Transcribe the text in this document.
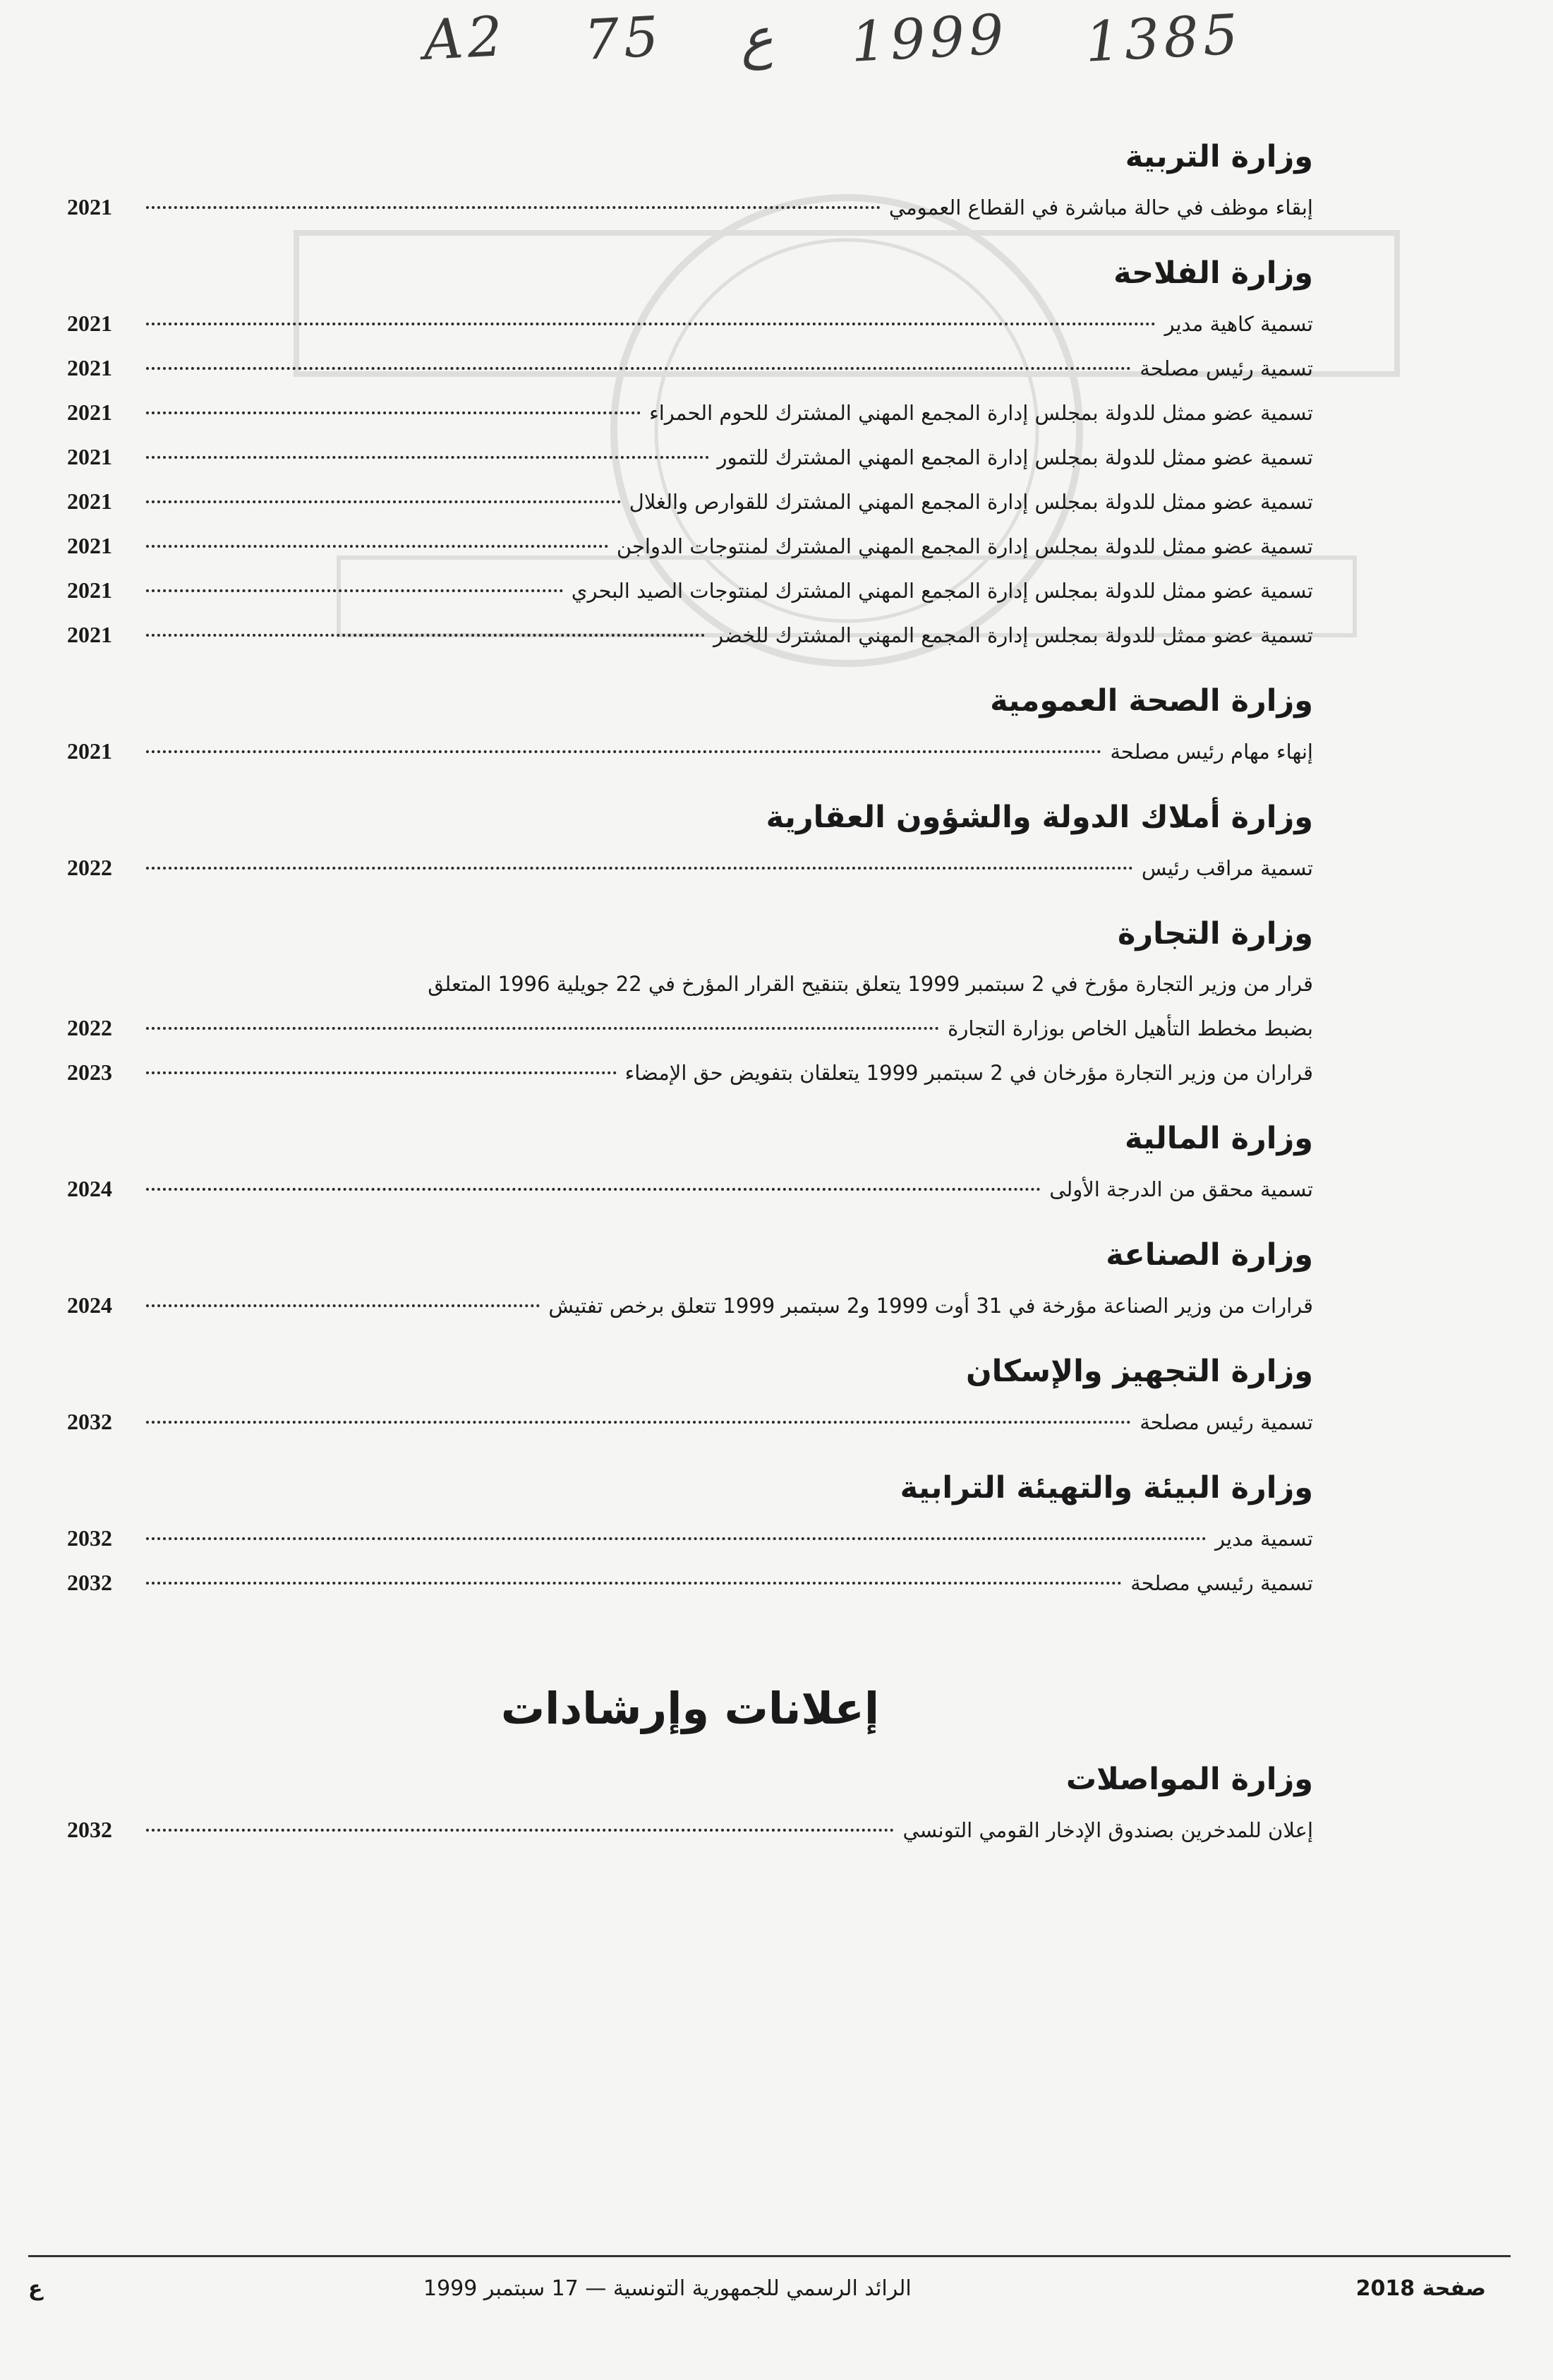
A2 75 ع 1999 1385
وزارة التربية
إبقاء موظف في حالة مباشرة في القطاع العمومي
2021
وزارة الفلاحة
تسمية كاهية مدير
2021
تسمية رئيس مصلحة
2021
تسمية عضو ممثل للدولة بمجلس إدارة المجمع المهني المشترك للحوم الحمراء
2021
تسمية عضو ممثل للدولة بمجلس إدارة المجمع المهني المشترك للتمور
2021
تسمية عضو ممثل للدولة بمجلس إدارة المجمع المهني المشترك للقوارص والغلال
2021
تسمية عضو ممثل للدولة بمجلس إدارة المجمع المهني المشترك لمنتوجات الدواجن
2021
تسمية عضو ممثل للدولة بمجلس إدارة المجمع المهني المشترك لمنتوجات الصيد البحري
2021
تسمية عضو ممثل للدولة بمجلس إدارة المجمع المهني المشترك للخضر
2021
وزارة الصحة العمومية
إنهاء مهام رئيس مصلحة
2021
وزارة أملاك الدولة والشؤون العقارية
تسمية مراقب رئيس
2022
وزارة التجارة
قرار من وزير التجارة مؤرخ في 2 سبتمبر 1999 يتعلق بتنقيح القرار المؤرخ في 22 جويلية 1996 المتعلق
بضبط مخطط التأهيل الخاص بوزارة التجارة
2022
قراران من وزير التجارة مؤرخان في 2 سبتمبر 1999 يتعلقان بتفويض حق الإمضاء
2023
وزارة المالية
تسمية محقق من الدرجة الأولى
2024
وزارة الصناعة
قرارات من وزير الصناعة مؤرخة في 31 أوت 1999 و2 سبتمبر 1999 تتعلق برخص تفتيش
2024
وزارة التجهيز والإسكان
تسمية رئيس مصلحة
2032
وزارة البيئة والتهيئة الترابية
تسمية مدير
2032
تسمية رئيسي مصلحة
2032
إعلانات وإرشادات
وزارة المواصلات
إعلان للمدخرين بصندوق الإدخار القومي التونسي
2032
صفحة 2018
الرائد الرسمي للجمهورية التونسية — 17 سبتمبر 1999
ع
